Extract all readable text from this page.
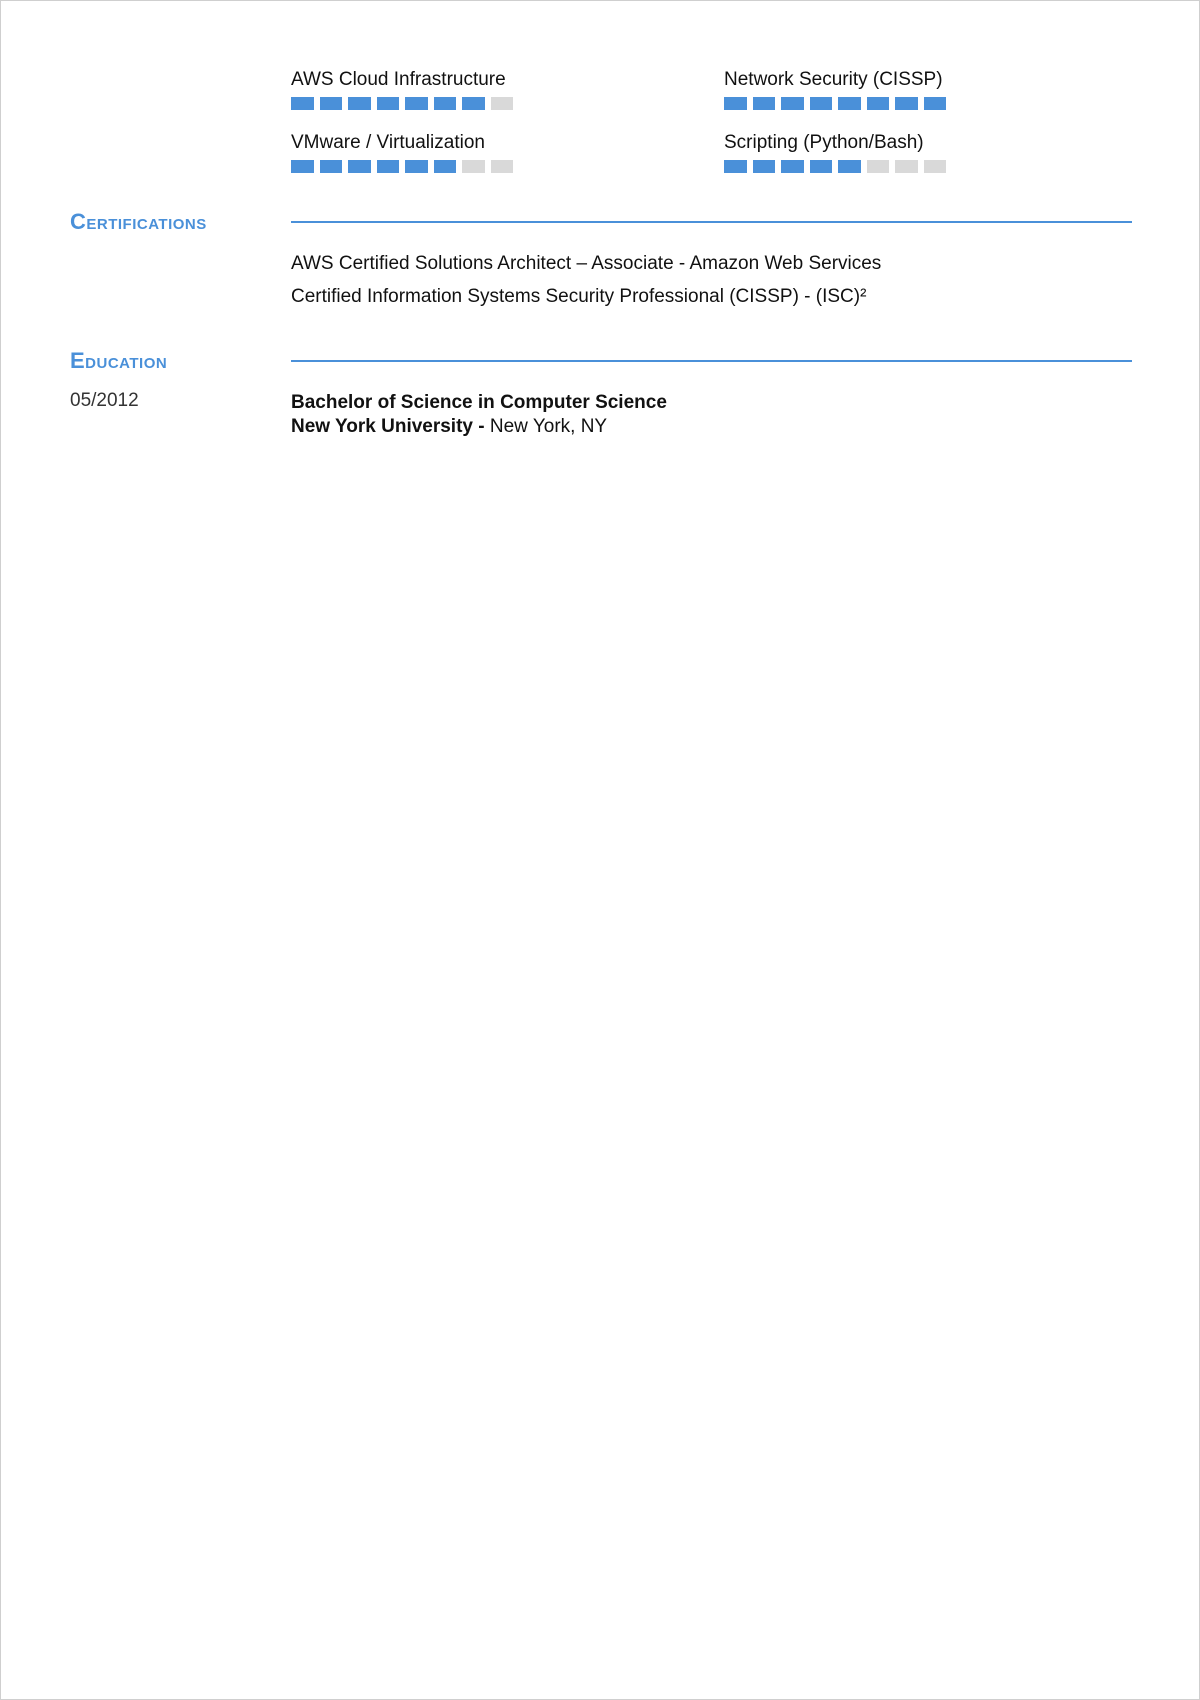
AWS Cloud Infrastructure	Network Security (CISSP)
VMware / Virtualization	Scripting (Python/Bash)
Certifications
AWS Certified Solutions Architect – Associate - Amazon Web Services
Certified Information Systems Security Professional (CISSP) - (ISC)²
Education
05/2012	Bachelor of Science in Computer Science
New York University - New York, NY
